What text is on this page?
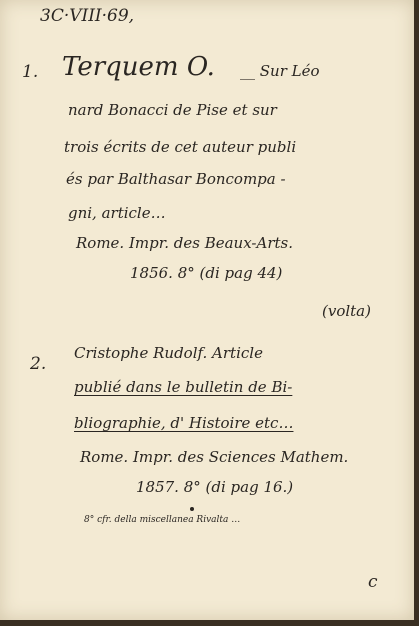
3C·VIII·69,
1. Terquem O. __ Sur Léo
nard Bonacci de Pise et sur
trois écrits de cet auteur publi
és par Balthasar Boncompa -
gni, article…
Rome. Impr. des Beaux-Arts.
1856. 8° (di pag 44)
(volta)
2.
Cristophe Rudolf. Article
publié dans le bulletin de Bi-
bliographie, d' Histoire etc…
Rome. Impr. des Sciences Mathem.
1857. 8° (di pag 16.)
8° cfr. della miscellanea Rivalta …
c
